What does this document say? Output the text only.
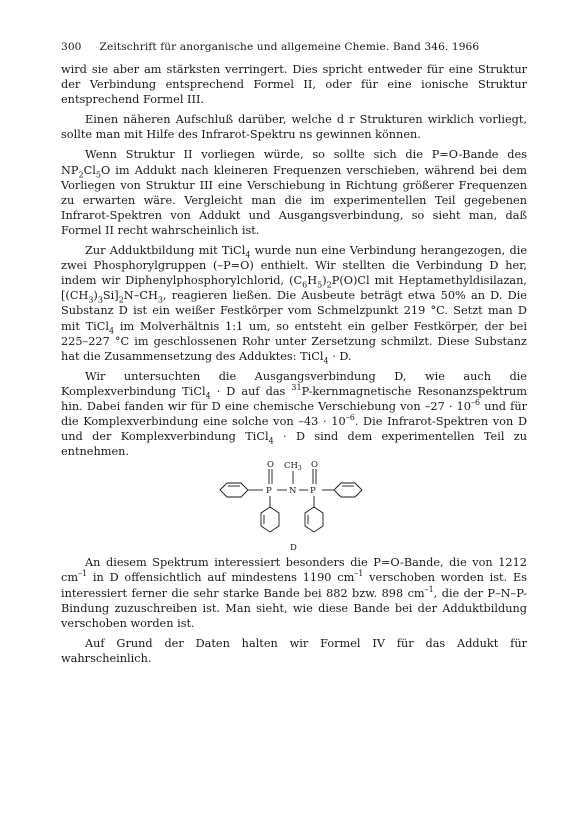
300 Zeitschrift für anorganische und allgemeine Chemie. Band 346. 1966

wird sie aber am stärksten verringert. Dies spricht entweder für eine Struktur der Verbindung entsprechend Formel II, oder für eine ionische Struktur entsprechend Formel III.

Einen näheren Aufschluß darüber, welche d r Strukturen wirklich vorliegt, sollte man mit Hilfe des Infrarot-Spektru ns gewinnen können.

Wenn Struktur II vorliegen würde, so sollte sich die P=O-Bande des $NP_2Cl_5O$ im Addukt nach kleineren Frequenzen verschieben, während bei dem Vorliegen von Struktur III eine Verschiebung in Richtung größerer Frequenzen zu erwarten wäre. Vergleicht man die im experimentellen Teil gegebenen Infrarot-Spektren von Addukt und Ausgangsverbindung, so sieht man, daß Formel II recht wahrscheinlich ist.

Zur Adduktbildung mit TiCl$_4$ wurde nun eine Verbindung herangezogen, die zwei Phosphorylgruppen (–P=O) enthielt. Wir stellten die Verbindung D her, indem wir Diphenylphosphorylchlorid, $(C_6H_5)_2P(O)Cl$ mit Heptamethyldisilazan, $[(CH_3)_3Si]_2N-CH_3$, reagieren ließen. Die Ausbeute beträgt etwa 50% an D. Die Substanz D ist ein weißer Festkörper vom Schmelzpunkt 219 °C. Setzt man D mit TiCl$_4$ im Molverhältnis 1:1 um, so entsteht ein gelber Festkörper, der bei 225–227 °C im geschlossenen Rohr unter Zersetzung schmilzt. Diese Substanz hat die Zusammensetzung des Adduktes: TiCl$_4$ · D.

Wir untersuchten die Ausgangsverbindung D, wie auch die Komplexverbindung TiCl$_4$ · D auf das $^{31}$P-kernmagnetische Resonanzspektrum hin. Dabei fanden wir für D eine chemische Verschiebung von $-27 \cdot 10^{-6}$ und für die Komplexverbindung eine solche von $-43 \cdot 10^{-6}$. Die Infrarot-Spektren von D und der Komplexverbindung TiCl$_4$ · D sind dem experimentellen Teil zu entnehmen.

O $CH_3$ O
P N P
D

An diesem Spektrum interessiert besonders die P=O-Bande, die von 1212 $cm^{-1}$ in D offensichtlich auf mindestens 1190 $cm^{-1}$ verschoben worden ist. Es interessiert ferner die sehr starke Bande bei 882 bzw. 898 $cm^{-1}$, die der P–N–P-Bindung zuzuschreiben ist. Man sieht, wie diese Bande bei der Adduktbildung verschoben worden ist.

Auf Grund der Daten halten wir Formel IV für das Addukt für wahrscheinlich.
